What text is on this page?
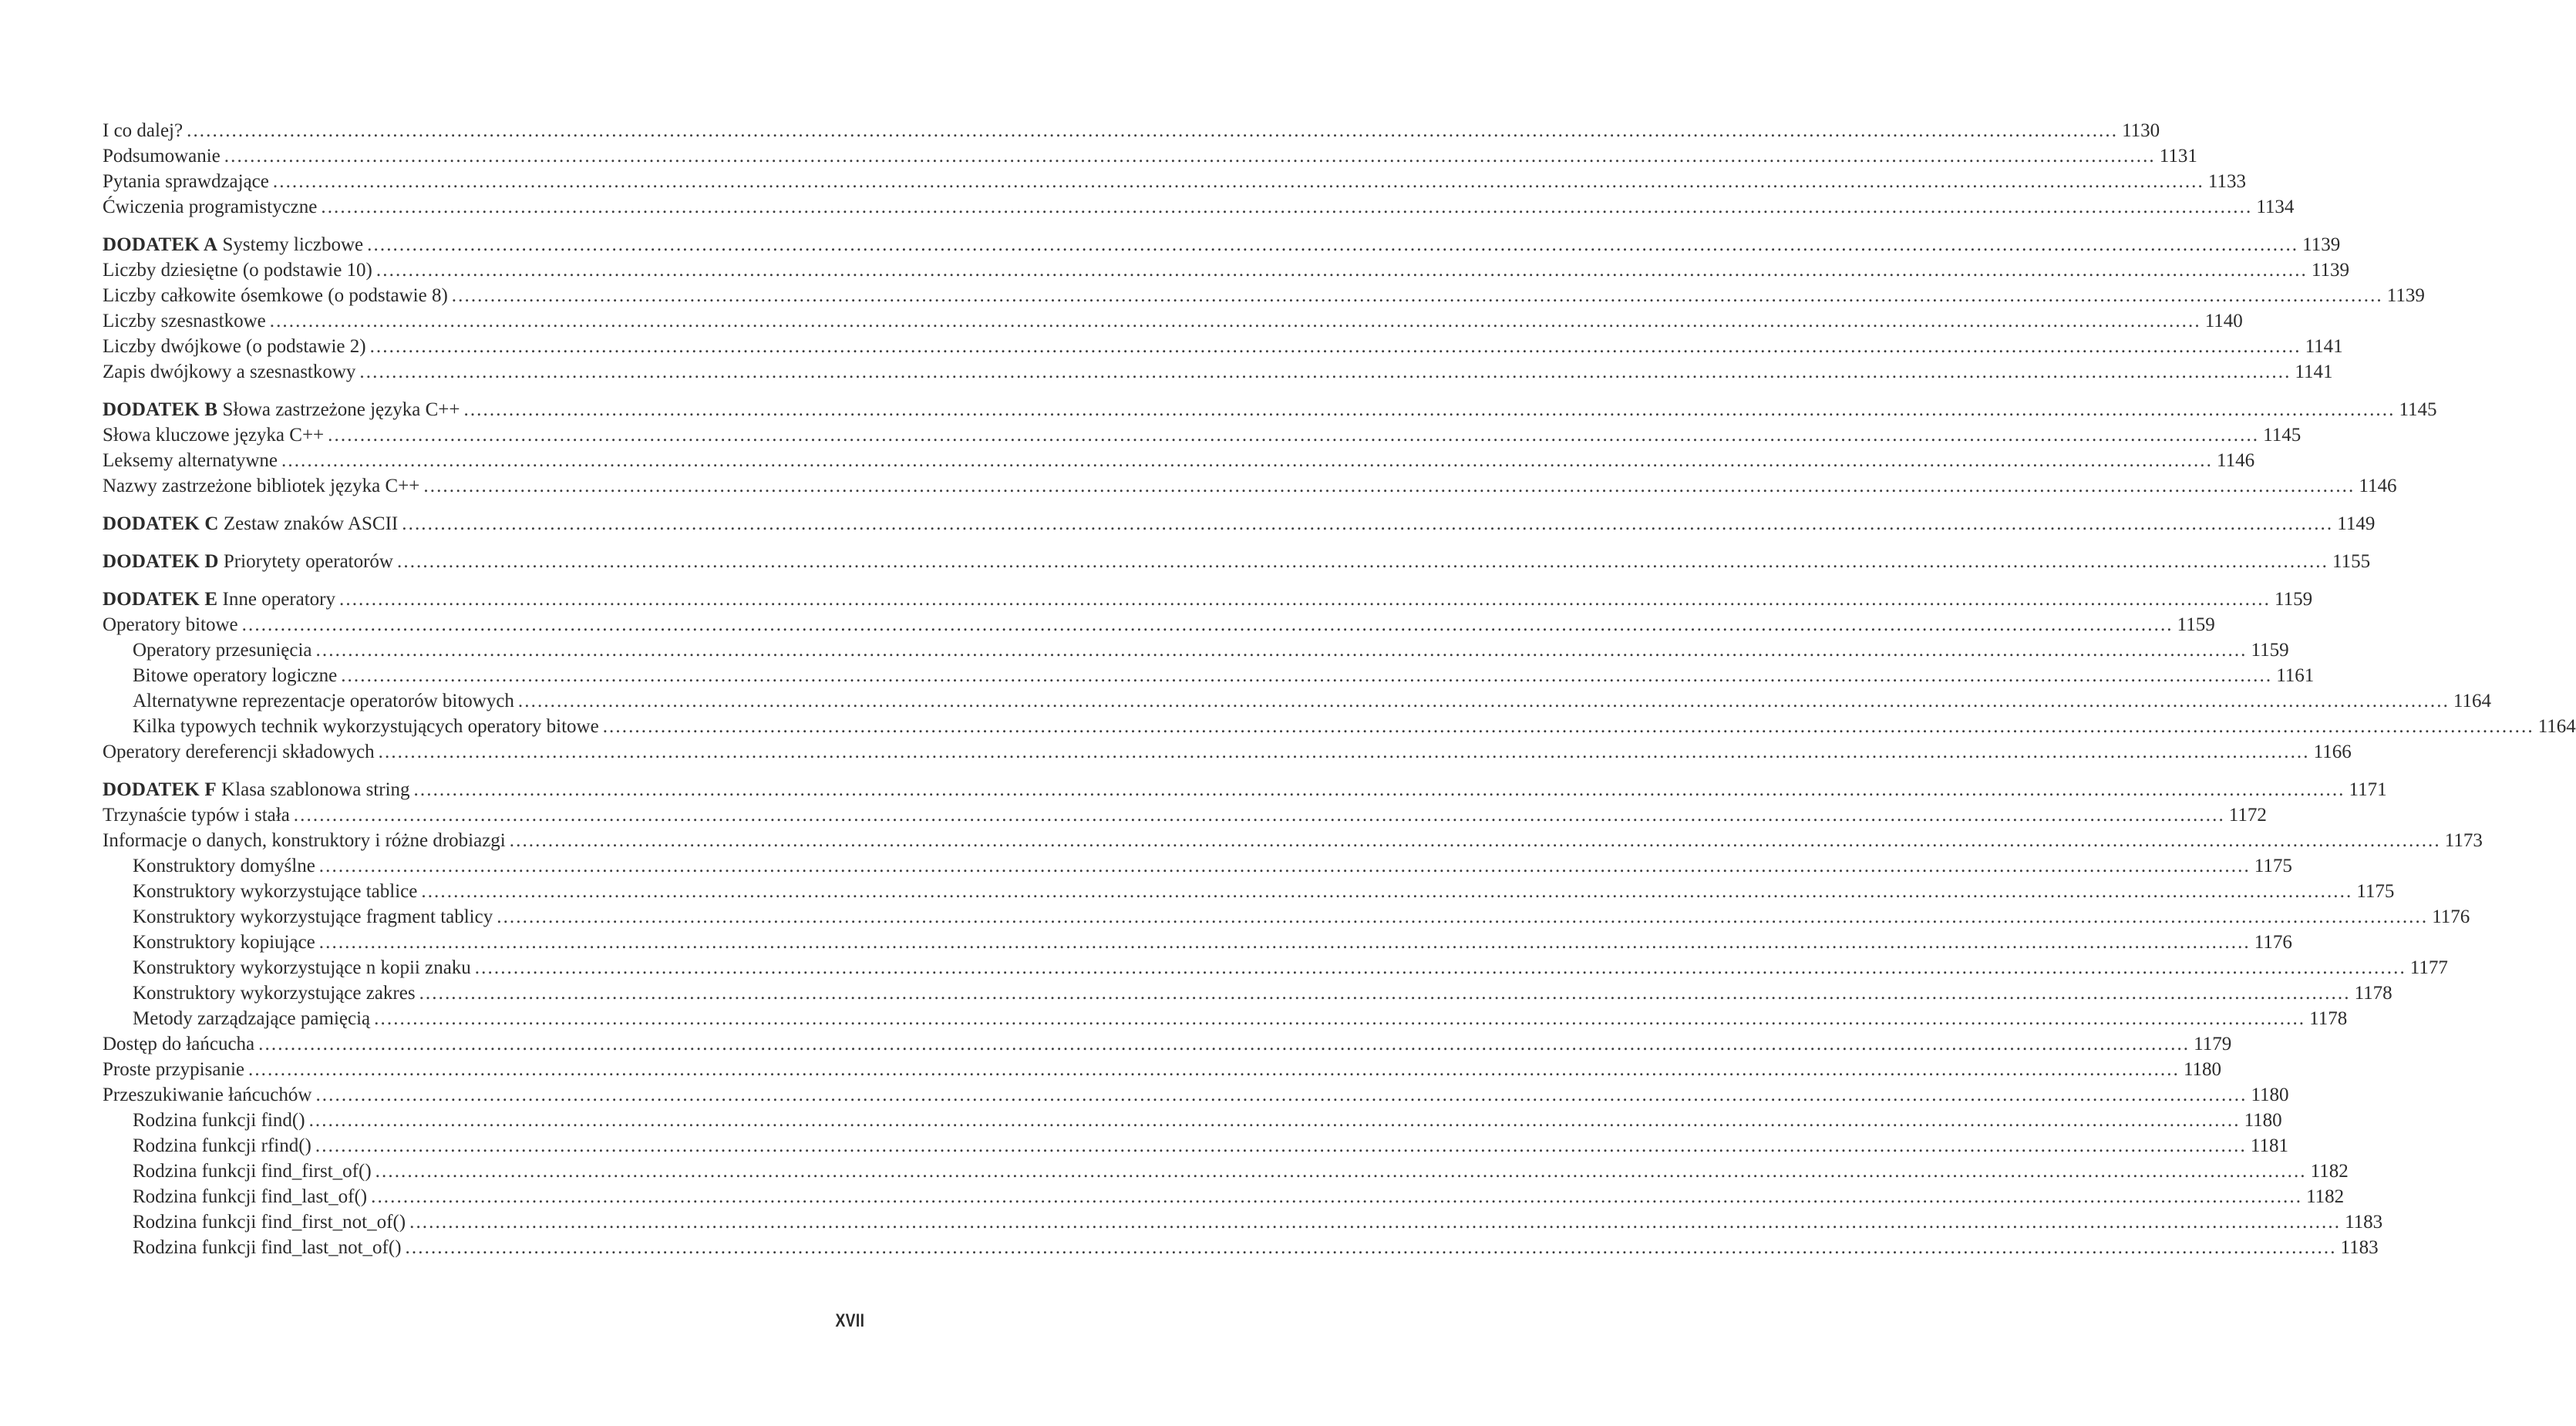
I co dalej? ............................................................................................................................................................................................................................................................................................................ 1130
Podsumowanie ............................................................................................................................................................................................................................................................................................................ 1131
Pytania sprawdzające ............................................................................................................................................................................................................................................................................................................ 1133
Ćwiczenia programistyczne ............................................................................................................................................................................................................................................................................................................ 1134
DODATEK A Systemy liczbowe ............................................................................................................................................................................................................................................................................................................ 1139
Liczby dziesiętne (o podstawie 10) ............................................................................................................................................................................................................................................................................................................ 1139
Liczby całkowite ósemkowe (o podstawie 8) ............................................................................................................................................................................................................................................................................................................ 1139
Liczby szesnastkowe ............................................................................................................................................................................................................................................................................................................ 1140
Liczby dwójkowe (o podstawie 2) ............................................................................................................................................................................................................................................................................................................ 1141
Zapis dwójkowy a szesnastkowy ............................................................................................................................................................................................................................................................................................................ 1141
DODATEK B Słowa zastrzeżone języka C++ ............................................................................................................................................................................................................................................................................................................ 1145
Słowa kluczowe języka C++ ............................................................................................................................................................................................................................................................................................................ 1145
Leksemy alternatywne ............................................................................................................................................................................................................................................................................................................ 1146
Nazwy zastrzeżone bibliotek języka C++ ............................................................................................................................................................................................................................................................................................................ 1146
DODATEK C Zestaw znaków ASCII ............................................................................................................................................................................................................................................................................................................ 1149
DODATEK D Priorytety operatorów ............................................................................................................................................................................................................................................................................................................ 1155
DODATEK E Inne operatory ............................................................................................................................................................................................................................................................................................................ 1159
Operatory bitowe ............................................................................................................................................................................................................................................................................................................ 1159
Operatory przesunięcia ............................................................................................................................................................................................................................................................................................................ 1159
Bitowe operatory logiczne ............................................................................................................................................................................................................................................................................................................ 1161
Alternatywne reprezentacje operatorów bitowych ............................................................................................................................................................................................................................................................................................................ 1164
Kilka typowych technik wykorzystujących operatory bitowe ............................................................................................................................................................................................................................................................................................................ 1164
Operatory dereferencji składowych ............................................................................................................................................................................................................................................................................................................ 1166
DODATEK F Klasa szablonowa string ............................................................................................................................................................................................................................................................................................................ 1171
Trzynaście typów i stała ............................................................................................................................................................................................................................................................................................................ 1172
Informacje o danych, konstruktory i różne drobiazgi ............................................................................................................................................................................................................................................................................................................ 1173
Konstruktory domyślne ............................................................................................................................................................................................................................................................................................................ 1175
Konstruktory wykorzystujące tablice ............................................................................................................................................................................................................................................................................................................ 1175
Konstruktory wykorzystujące fragment tablicy ............................................................................................................................................................................................................................................................................................................ 1176
Konstruktory kopiujące ............................................................................................................................................................................................................................................................................................................ 1176
Konstruktory wykorzystujące n kopii znaku ............................................................................................................................................................................................................................................................................................................ 1177
Konstruktory wykorzystujące zakres ............................................................................................................................................................................................................................................................................................................ 1178
Metody zarządzające pamięcią ............................................................................................................................................................................................................................................................................................................ 1178
Dostęp do łańcucha ............................................................................................................................................................................................................................................................................................................ 1179
Proste przypisanie ............................................................................................................................................................................................................................................................................................................ 1180
Przeszukiwanie łańcuchów ............................................................................................................................................................................................................................................................................................................ 1180
Rodzina funkcji find() ............................................................................................................................................................................................................................................................................................................ 1180
Rodzina funkcji rfind() ............................................................................................................................................................................................................................................................................................................ 1181
Rodzina funkcji find_first_of() ............................................................................................................................................................................................................................................................................................................ 1182
Rodzina funkcji find_last_of() ............................................................................................................................................................................................................................................................................................................ 1182
Rodzina funkcji find_first_not_of() ............................................................................................................................................................................................................................................................................................................ 1183
Rodzina funkcji find_last_not_of() ............................................................................................................................................................................................................................................................................................................ 1183
XVII
